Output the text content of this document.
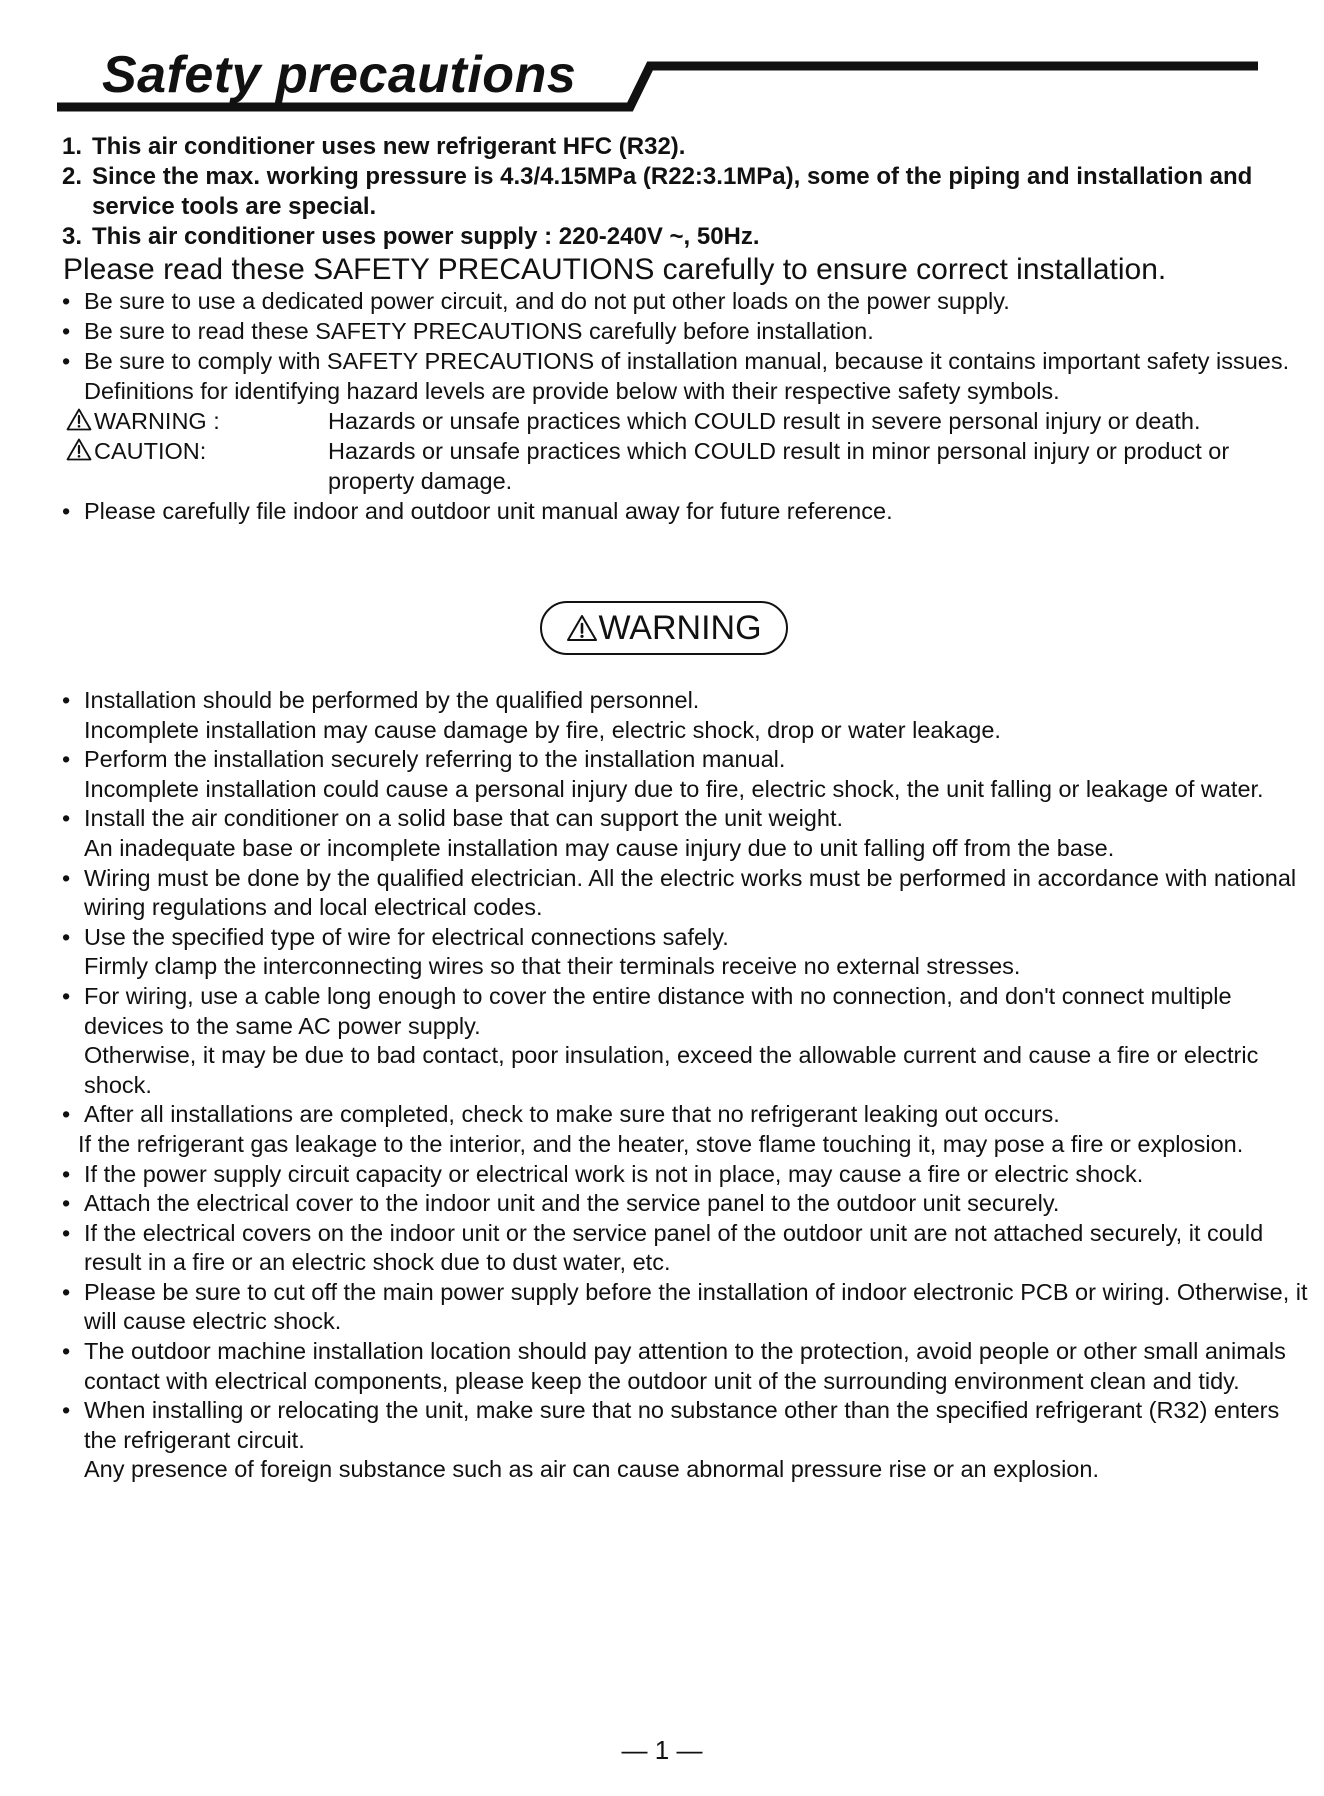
Safety precautions
1. This air conditioner uses new refrigerant HFC (R32).
2. Since the max. working pressure is 4.3/4.15MPa (R22:3.1MPa), some of the piping and installation and service tools are special.
3. This air conditioner uses power supply : 220-240V ~, 50Hz.
Please read these SAFETY PRECAUTIONS carefully to ensure correct installation.
• Be sure to use a dedicated power circuit, and do not put other loads on the power supply.
• Be sure to read these SAFETY PRECAUTIONS carefully before installation.
• Be sure to comply with SAFETY PRECAUTIONS of installation manual, because it contains important safety issues. Definitions for identifying hazard levels are provide below with their respective safety symbols.
WARNING :	Hazards or unsafe practices which COULD result in severe personal injury or death.
CAUTION:	Hazards or unsafe practices which COULD result in minor personal injury or product or property damage.
• Please carefully file indoor and outdoor unit manual away for future reference.
WARNING
• Installation should be performed by the qualified personnel.
Incomplete installation may cause damage by fire, electric shock, drop or water leakage.
• Perform the installation securely referring to the installation manual.
Incomplete installation could cause a personal injury due to fire, electric shock, the unit falling or leakage of water.
• Install the air conditioner on a solid base that can support the unit weight.
An inadequate base or incomplete installation may cause injury due to unit falling off from the base.
• Wiring must be done by the qualified electrician. All the electric works must be performed in accordance with national wiring regulations and local electrical codes.
• Use the specified type of wire for electrical connections safely.
Firmly clamp the interconnecting wires so that their terminals receive no external stresses.
• For wiring, use a cable long enough to cover the entire distance with no connection, and don't connect multiple devices to the same AC power supply.
Otherwise, it may be due to bad contact, poor insulation, exceed the allowable current and cause a fire or electric shock.
• After all installations are completed, check to make sure that no refrigerant leaking out occurs.
If the refrigerant gas leakage to the interior, and the heater, stove flame touching it, may pose a fire or explosion.
• If the power supply circuit capacity or electrical work is not in place, may cause a fire or electric shock.
• Attach the electrical cover to the indoor unit and the service panel to the outdoor unit securely.
• If the electrical covers on the indoor unit or the service panel of the outdoor unit are not attached securely, it could result in a fire or an electric shock due to dust water, etc.
• Please be sure to cut off the main power supply before the installation of indoor electronic PCB or wiring. Otherwise, it will cause electric shock.
• The outdoor machine installation location should pay attention to the protection, avoid people or other small animals contact with electrical components, please keep the outdoor unit of the surrounding environment clean and tidy.
• When installing or relocating the unit, make sure that no substance other than the specified refrigerant (R32) enters the refrigerant circuit.
Any presence of foreign substance such as air can cause abnormal pressure rise or an explosion.
— 1 —
